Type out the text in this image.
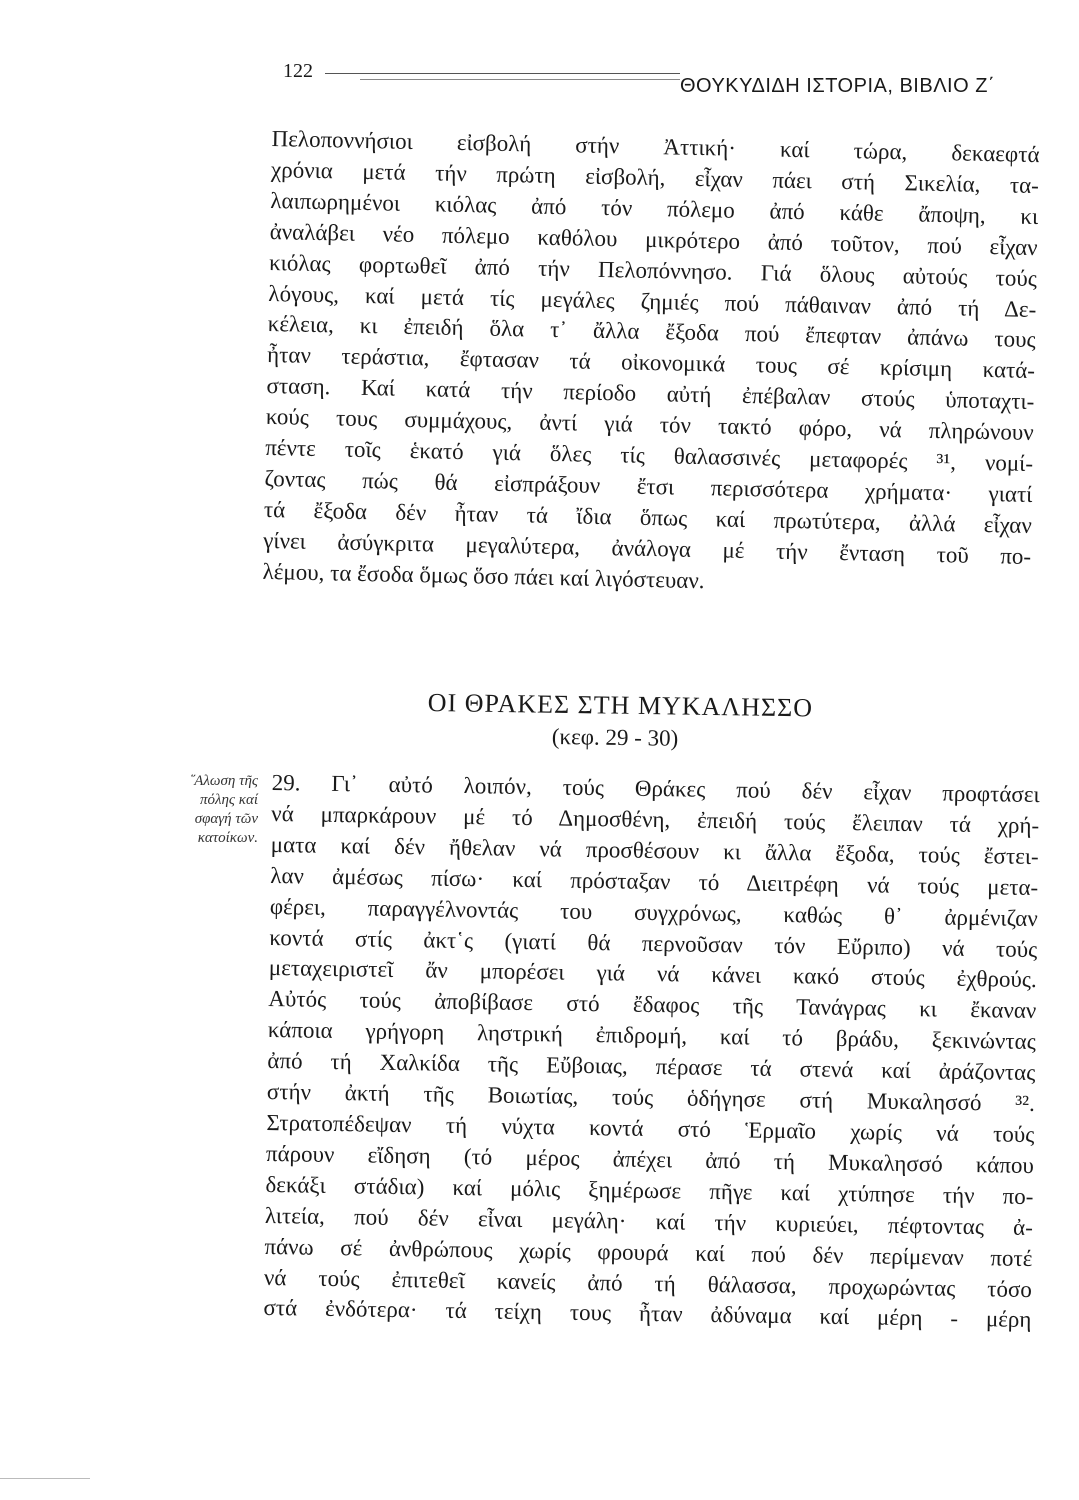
122
ΘΟΥΚΥΔΙΔΗ ΙΣΤΟΡΙΑ, ΒΙΒΛΙΟ Ζ΄
Πελοποννήσιοι εἰσβολή στήν Ἀττική· καί τώρα, δεκαεφτά
χρόνια μετά τήν πρώτη εἰσβολή, εἶχαν πάει στή Σικελία, τα-
λαιπωρημένοι κιόλας ἀπό τόν πόλεμο ἀπό κάθε ἄποψη, κι
ἀναλάβει νέο πόλεμο καθόλου μικρότερο ἀπό τοῦτον, πού εἶχαν
κιόλας φορτωθεῖ ἀπό τήν Πελοπόννησο. Γιά ὅλους αὐτούς τούς
λόγους, καί μετά τίς μεγάλες ζημιές πού πάθαιναν ἀπό τή Δε-
κέλεια, κι ἐπειδή ὅλα τ᾽ ἄλλα ἔξοδα πού ἔπεφταν ἀπάνω τους
ἦταν τεράστια, ἔφτασαν τά οἰκονομικά τους σέ κρίσιμη κατά-
σταση. Καί κατά τήν περίοδο αὐτή ἐπέβαλαν στούς ὑποταχτι-
κούς τους συμμάχους, ἀντί γιά τόν τακτό φόρο, νά πληρώνουν
πέντε τοῖς ἑκατό γιά ὅλες τίς θαλασσινές μεταφορές ³¹, νομί-
ζοντας πώς θά εἰσπράξουν ἔτσι περισσότερα χρήματα· γιατί
τά ἔξοδα δέν ἦταν τά ἴδια ὅπως καί πρωτύτερα, ἀλλά εἶχαν
γίνει ἀσύγκριτα μεγαλύτερα, ἀνάλογα μέ τήν ἔνταση τοῦ πο-
λέμου, τα ἔσοδα ὅμως ὅσο πάει καί λιγόστευαν.
ΟΙ ΘΡΑΚΕΣ ΣΤΗ ΜΥΚΑΛΗΣΣΟ
(κεφ. 29 - 30)
῞Αλωση τῆς
πόλης καί
σφαγή τῶν
κατοίκων.
29. Γι᾽ αὐτό λοιπόν, τούς Θράκες πού δέν εἶχαν προφτάσει
νά μπαρκάρουν μέ τό Δημοσθένη, ἐπειδή τούς ἔλειπαν τά χρή-
ματα καί δέν ἤθελαν νά προσθέσουν κι ἄλλα ἔξοδα, τούς ἔστει-
λαν ἀμέσως πίσω· καί πρόσταξαν τό Διειτρέφη νά τούς μετα-
φέρει, παραγγέλνοντάς του συγχρόνως, καθώς θ᾽ ἀρμένιζαν
κοντά στίς ἀκτ῾ς (γιατί θά περνοῦσαν τόν Εὔριπο) νά τούς
μεταχειριστεῖ ἄν μπορέσει γιά νά κάνει κακό στούς ἐχθρούς.
Αὐτός τούς ἀποβίβασε στό ἔδαφος τῆς Τανάγρας κι ἔκαναν
κάποια γρήγορη ληστρική ἐπιδρομή, καί τό βράδυ, ξεκινώντας
ἀπό τή Χαλκίδα τῆς Εὔβοιας, πέρασε τά στενά καί ἀράζοντας
στήν ἀκτή τῆς Βοιωτίας, τούς ὁδήγησε στή Μυκαλησσό ³².
Στρατοπέδεψαν τή νύχτα κοντά στό Ἑρμαῖο χωρίς νά τούς
πάρουν εἴδηση (τό μέρος ἀπέχει ἀπό τή Μυκαλησσό κάπου
δεκάξι στάδια) καί μόλις ξημέρωσε πῆγε καί χτύπησε τήν πο-
λιτεία, πού δέν εἶναι μεγάλη· καί τήν κυριεύει, πέφτοντας ἀ-
πάνω σέ ἀνθρώπους χωρίς φρουρά καί πού δέν περίμεναν ποτέ
νά τούς ἐπιτεθεῖ κανείς ἀπό τή θάλασσα, προχωρώντας τόσο
στά ἐνδότερα· τά τείχη τους ἦταν ἀδύναμα καί μέρη - μέρη
